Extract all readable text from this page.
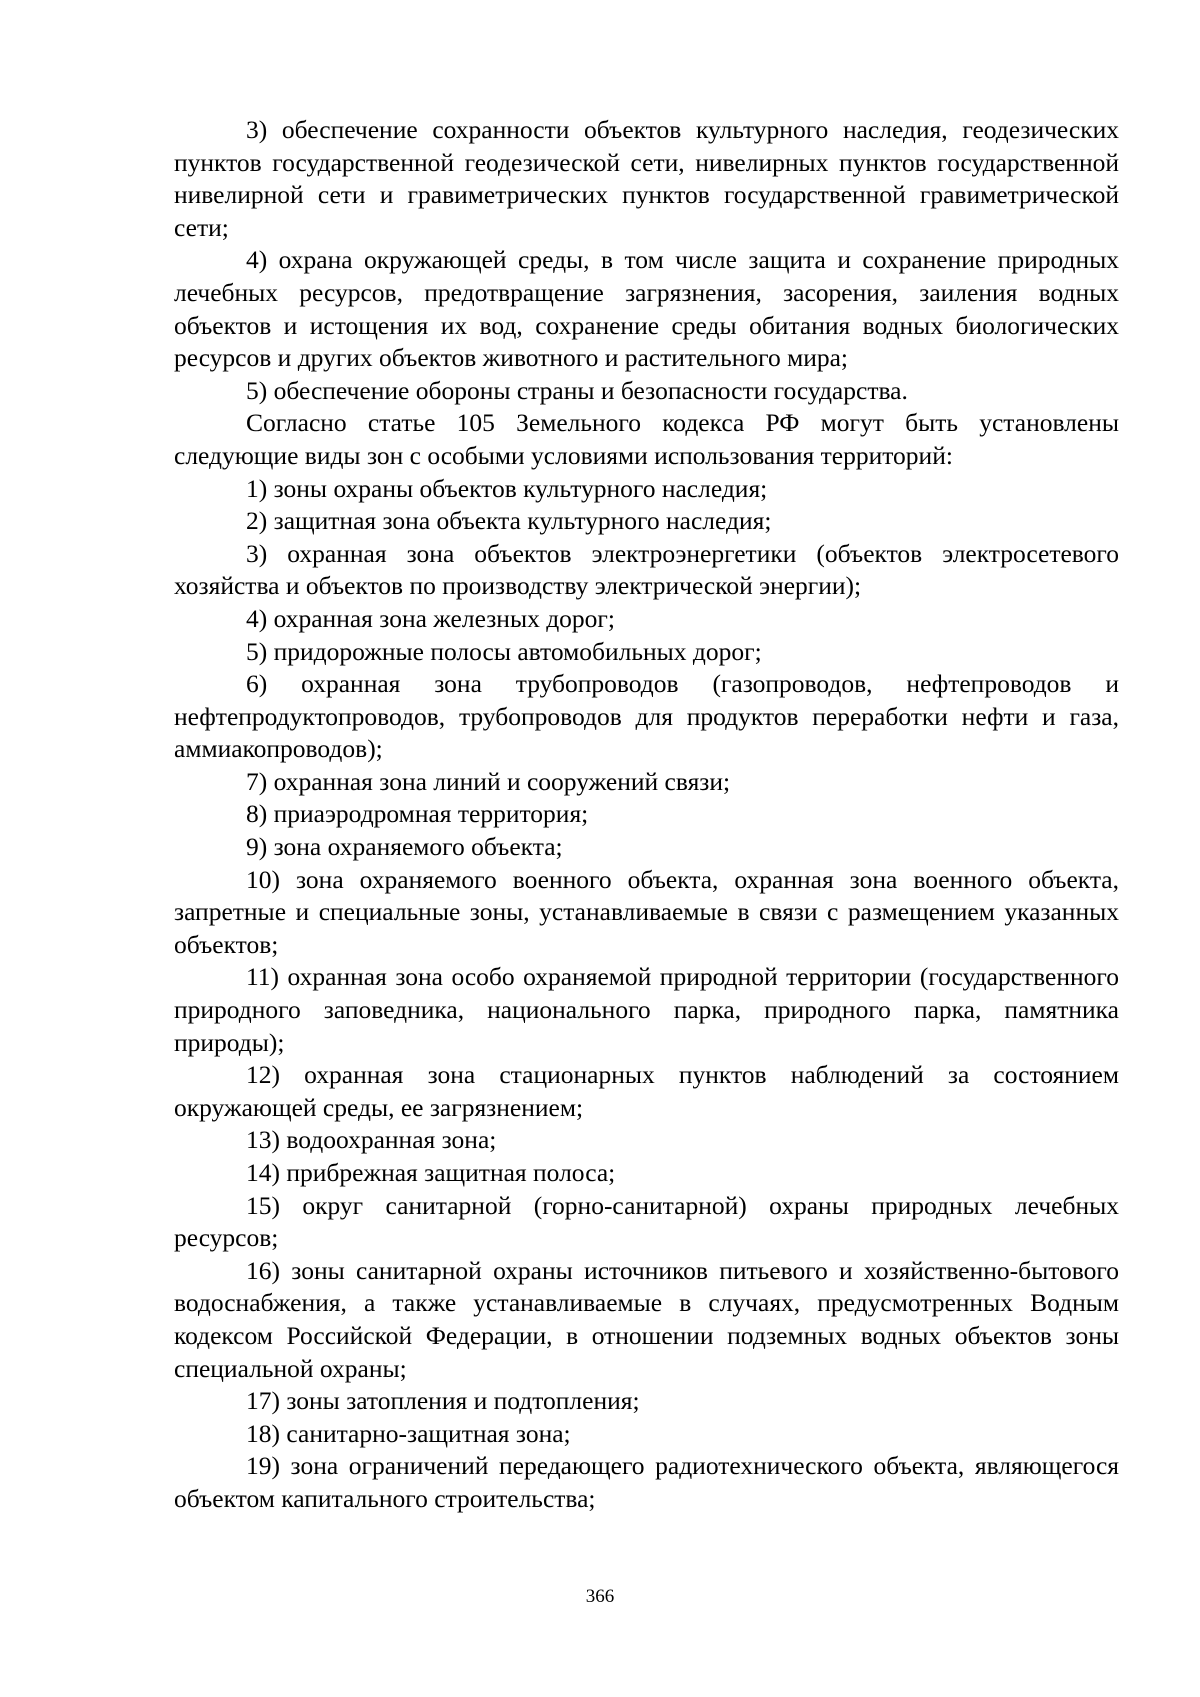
3) обеспечение сохранности объектов культурного наследия, геодезических пунктов государственной геодезической сети, нивелирных пунктов государственной нивелирной сети и гравиметрических пунктов государственной гравиметрической сети;

4) охрана окружающей среды, в том числе защита и сохранение природных лечебных ресурсов, предотвращение загрязнения, засорения, заиления водных объектов и истощения их вод, сохранение среды обитания водных биологических ресурсов и других объектов животного и растительного мира;

5) обеспечение обороны страны и безопасности государства.

Согласно статье 105 Земельного кодекса РФ могут быть установлены следующие виды зон с особыми условиями использования территорий:

1) зоны охраны объектов культурного наследия;

2) защитная зона объекта культурного наследия;

3) охранная зона объектов электроэнергетики (объектов электросетевого хозяйства и объектов по производству электрической энергии);

4) охранная зона железных дорог;

5) придорожные полосы автомобильных дорог;

6) охранная зона трубопроводов (газопроводов, нефтепроводов и нефтепродуктопроводов, трубопроводов для продуктов переработки нефти и газа, аммиакопроводов);

7) охранная зона линий и сооружений связи;

8) приаэродромная территория;

9) зона охраняемого объекта;

10) зона охраняемого военного объекта, охранная зона военного объекта, запретные и специальные зоны, устанавливаемые в связи с размещением указанных объектов;

11) охранная зона особо охраняемой природной территории (государственного природного заповедника, национального парка, природного парка, памятника природы);

12) охранная зона стационарных пунктов наблюдений за состоянием окружающей среды, ее загрязнением;

13) водоохранная зона;

14) прибрежная защитная полоса;

15) округ санитарной (горно-санитарной) охраны природных лечебных ресурсов;

16) зоны санитарной охраны источников питьевого и хозяйственно-бытового водоснабжения, а также устанавливаемые в случаях, предусмотренных Водным кодексом Российской Федерации, в отношении подземных водных объектов зоны специальной охраны;

17) зоны затопления и подтопления;

18) санитарно-защитная зона;

19) зона ограничений передающего радиотехнического объекта, являющегося объектом капитального строительства;

366
